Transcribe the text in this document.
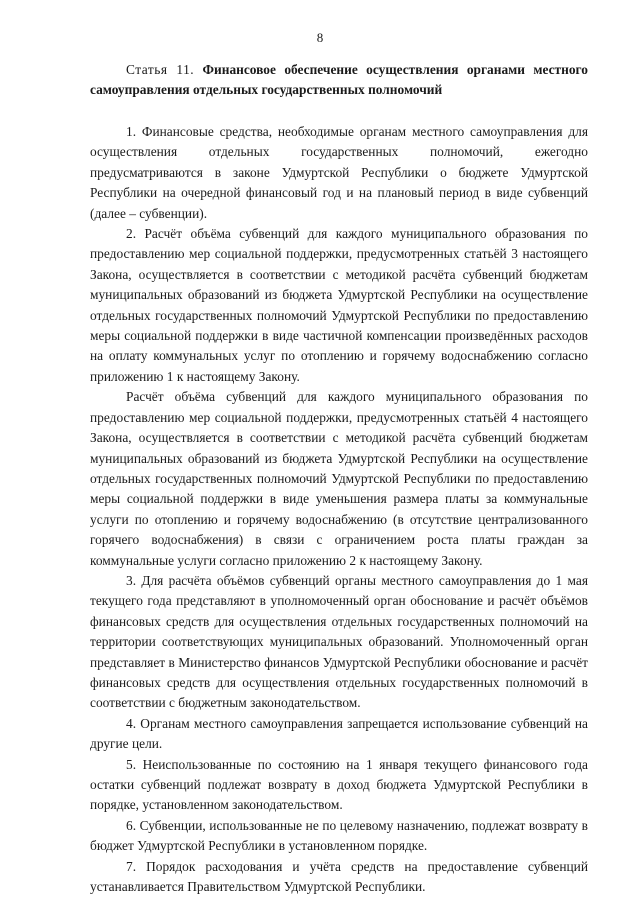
8

Статья 11. Финансовое обеспечение осуществления органами местного самоуправления отдельных государственных полномочий

1. Финансовые средства, необходимые органам местного самоуправления для осуществления отдельных государственных полномочий, ежегодно предусматриваются в законе Удмуртской Республики о бюджете Удмуртской Республики на очередной финансовый год и на плановый период в виде субвенций (далее – субвенции).

2. Расчёт объёма субвенций для каждого муниципального образования по предоставлению мер социальной поддержки, предусмотренных статьёй 3 настоящего Закона, осуществляется в соответствии с методикой расчёта субвенций бюджетам муниципальных образований из бюджета Удмуртской Республики на осуществление отдельных государственных полномочий Удмуртской Республики по предоставлению меры социальной поддержки в виде частичной компенсации произведённых расходов на оплату коммунальных услуг по отоплению и горячему водоснабжению согласно приложению 1 к настоящему Закону.

Расчёт объёма субвенций для каждого муниципального образования по предоставлению мер социальной поддержки, предусмотренных статьёй 4 настоящего Закона, осуществляется в соответствии с методикой расчёта субвенций бюджетам муниципальных образований из бюджета Удмуртской Республики на осуществление отдельных государственных полномочий Удмуртской Республики по предоставлению меры социальной поддержки в виде уменьшения размера платы за коммунальные услуги по отоплению и горячему водоснабжению (в отсутствие централизованного горячего водоснабжения) в связи с ограничением роста платы граждан за коммунальные услуги согласно приложению 2 к настоящему Закону.

3. Для расчёта объёмов субвенций органы местного самоуправления до 1 мая текущего года представляют в уполномоченный орган обоснование и расчёт объёмов финансовых средств для осуществления отдельных государственных полномочий на территории соответствующих муниципальных образований. Уполномоченный орган представляет в Министерство финансов Удмуртской Республики обоснование и расчёт финансовых средств для осуществления отдельных государственных полномочий в соответствии с бюджетным законодательством.

4. Органам местного самоуправления запрещается использование субвенций на другие цели.

5. Неиспользованные по состоянию на 1 января текущего финансового года остатки субвенций подлежат возврату в доход бюджета Удмуртской Республики в порядке, установленном законодательством.

6. Субвенции, использованные не по целевому назначению, подлежат возврату в бюджет Удмуртской Республики в установленном порядке.

7. Порядок расходования и учёта средств на предоставление субвенций устанавливается Правительством Удмуртской Республики.
